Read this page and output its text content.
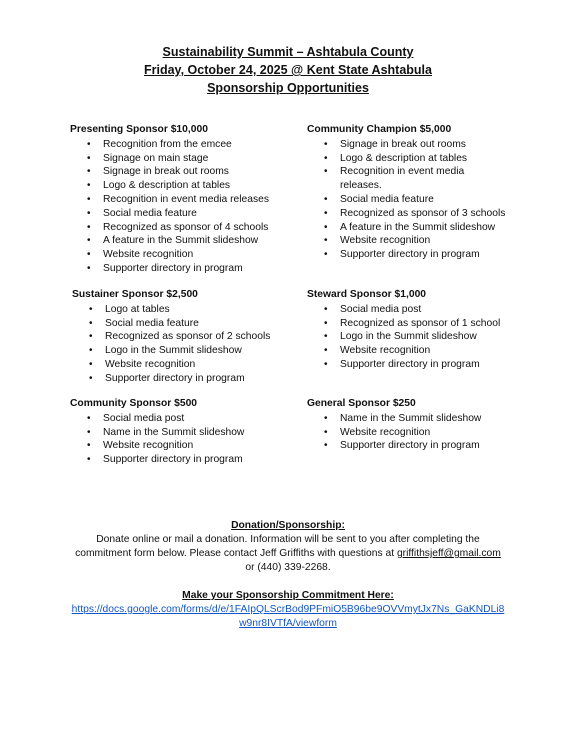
Sustainability Summit – Ashtabula County
Friday, October 24, 2025 @ Kent State Ashtabula
Sponsorship Opportunities
Presenting Sponsor $10,000
• Recognition from the emcee
• Signage on main stage
• Signage in break out rooms
• Logo & description at tables
• Recognition in event media releases
• Social media feature
• Recognized as sponsor of 4 schools
• A feature in the Summit slideshow
• Website recognition
• Supporter directory in program
Community Champion $5,000
• Signage in break out rooms
• Logo & description at tables
• Recognition in event media releases.
• Social media feature
• Recognized as sponsor of 3 schools
• A feature in the Summit slideshow
• Website recognition
• Supporter directory in program
Sustainer Sponsor $2,500
• Logo at tables
• Social media feature
• Recognized as sponsor of 2 schools
• Logo in the Summit slideshow
• Website recognition
• Supporter directory in program
Steward Sponsor $1,000
• Social media post
• Recognized as sponsor of 1 school
• Logo in the Summit slideshow
• Website recognition
• Supporter directory in program
Community Sponsor $500
• Social media post
• Name in the Summit slideshow
• Website recognition
• Supporter directory in program
General Sponsor $250
• Name in the Summit slideshow
• Website recognition
• Supporter directory in program
Donation/Sponsorship:
Donate online or mail a donation. Information will be sent to you after completing the
commitment form below. Please contact Jeff Griffiths with questions at griffithsjeff@gmail.com
or (440) 339-2268.
Make your Sponsorship Commitment Here:
https://docs.google.com/forms/d/e/1FAIpQLScrBod9PFmiO5B96be9OVVmytJx7Ns_GaKNDLi8
w9nr8IVTfA/viewform
